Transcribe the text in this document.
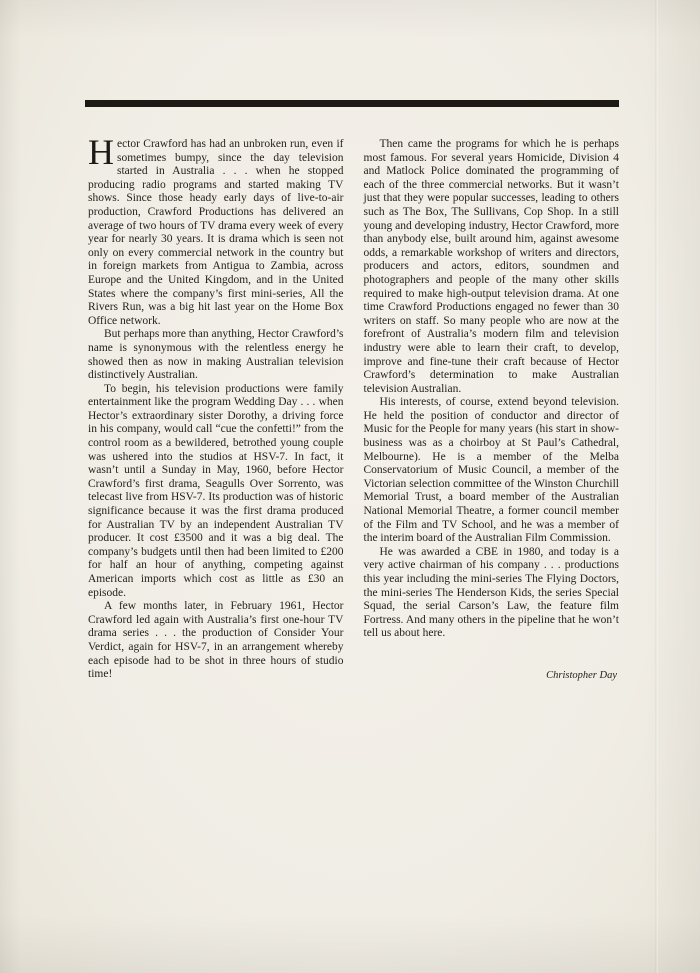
Hector Crawford has had an unbroken run, even if sometimes bumpy, since the day television started in Australia . . . when he stopped producing radio programs and started making TV shows. Since those heady early days of live-to-air production, Crawford Productions has delivered an average of two hours of TV drama every week of every year for nearly 30 years. It is drama which is seen not only on every commercial network in the country but in foreign markets from Antigua to Zambia, across Europe and the United Kingdom, and in the United States where the company’s first mini-series, All the Rivers Run, was a big hit last year on the Home Box Office network.

But perhaps more than anything, Hector Crawford’s name is synonymous with the relentless energy he showed then as now in making Australian television distinctively Australian.

To begin, his television productions were family entertainment like the program Wedding Day . . . when Hector’s extraordinary sister Dorothy, a driving force in his company, would call “cue the confetti!” from the control room as a bewildered, betrothed young couple was ushered into the studios at HSV-7. In fact, it wasn’t until a Sunday in May, 1960, before Hector Crawford’s first drama, Seagulls Over Sorrento, was telecast live from HSV-7. Its production was of historic significance because it was the first drama produced for Australian TV by an independent Australian TV producer. It cost £3500 and it was a big deal. The company’s budgets until then had been limited to £200 for half an hour of anything, competing against American imports which cost as little as £30 an episode.

A few months later, in February 1961, Hector Crawford led again with Australia’s first one-hour TV drama series . . . the production of Consider Your Verdict, again for HSV-7, in an arrangement whereby each episode had to be shot in three hours of studio time!

Then came the programs for which he is perhaps most famous. For several years Homicide, Division 4 and Matlock Police dominated the programming of each of the three commercial networks. But it wasn’t just that they were popular successes, leading to others such as The Box, The Sullivans, Cop Shop. In a still young and developing industry, Hector Crawford, more than anybody else, built around him, against awesome odds, a remarkable workshop of writers and directors, producers and actors, editors, soundmen and photographers and people of the many other skills required to make high-output television drama. At one time Crawford Productions engaged no fewer than 30 writers on staff. So many people who are now at the forefront of Australia’s modern film and television industry were able to learn their craft, to develop, improve and fine-tune their craft because of Hector Crawford’s determination to make Australian television Australian.

His interests, of course, extend beyond television. He held the position of conductor and director of Music for the People for many years (his start in show-business was as a choirboy at St Paul’s Cathedral, Melbourne). He is a member of the Melba Conservatorium of Music Council, a member of the Victorian selection committee of the Winston Churchill Memorial Trust, a board member of the Australian National Memorial Theatre, a former council member of the Film and TV School, and he was a member of the interim board of the Australian Film Commission.

He was awarded a CBE in 1980, and today is a very active chairman of his company . . . productions this year including the mini-series The Flying Doctors, the mini-series The Henderson Kids, the series Special Squad, the serial Carson’s Law, the feature film Fortress. And many others in the pipeline that he won’t tell us about here.

Christopher Day
